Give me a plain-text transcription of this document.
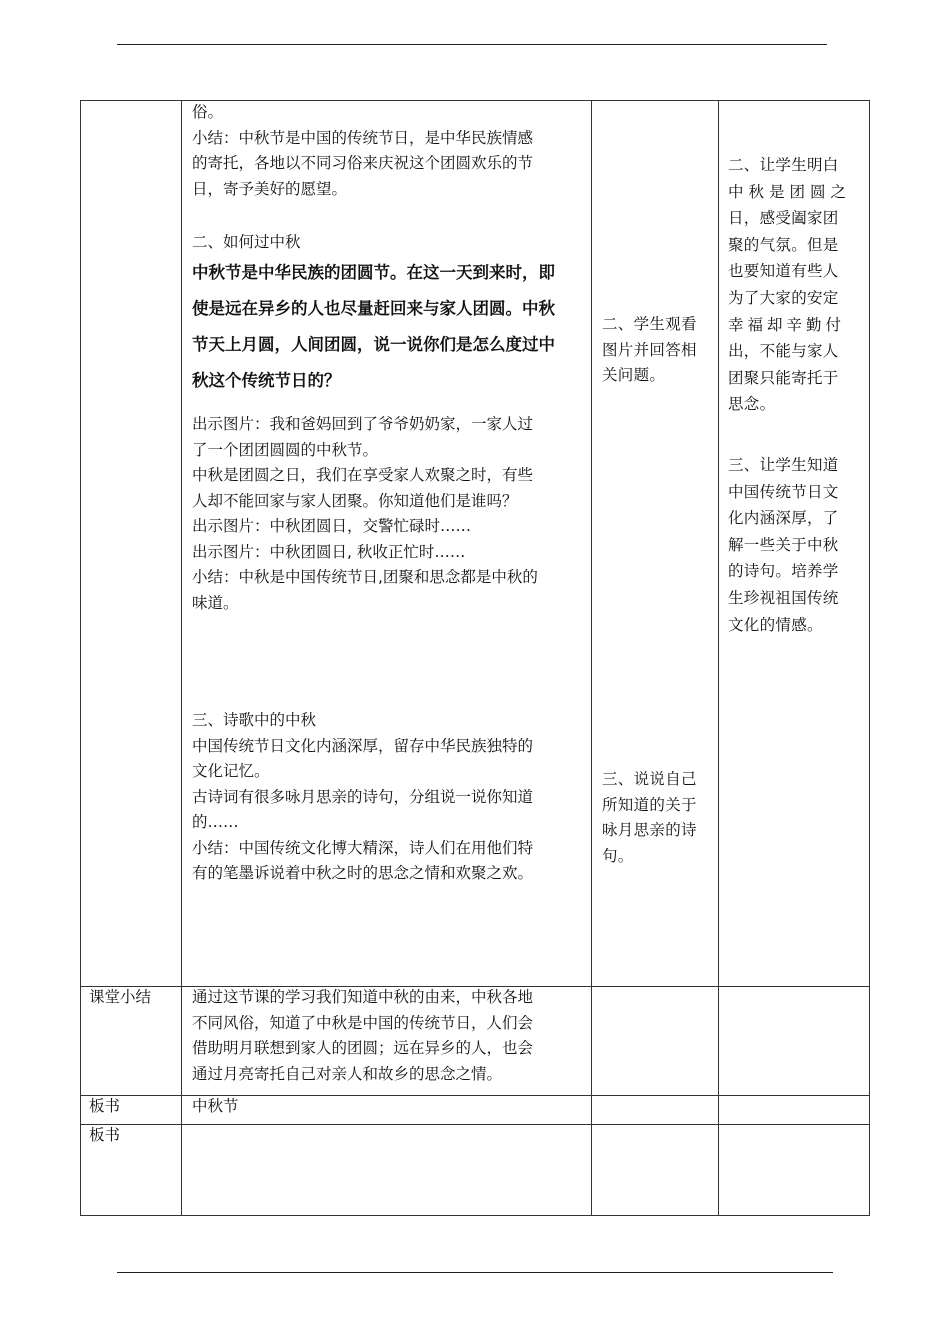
俗。

小结：中秋节是中国的传统节日，是中华民族情感

的寄托，各地以不同习俗来庆祝这个团圆欢乐的节

日，寄予美好的愿望。

二、如何过中秋

中秋节是中华民族的团圆节。在这一天到来时，即

使是远在异乡的人也尽量赶回来与家人团圆。中秋

节天上月圆，人间团圆，说一说你们是怎么度过中

秋这个传统节日的？

出示图片：我和爸妈回到了爷爷奶奶家，一家人过

了一个团团圆圆的中秋节。

中秋是团圆之日，我们在享受家人欢聚之时，有些

人却不能回家与家人团聚。你知道他们是谁吗？

出示图片：中秋团圆日，交警忙碌时……

出示图片：中秋团圆日, 秋收正忙时……

小结：中秋是中国传统节日,团聚和思念都是中秋的

味道。

三、诗歌中的中秋

中国传统节日文化内涵深厚，留存中华民族独特的

文化记忆。

古诗词有很多咏月思亲的诗句，分组说一说你知道

的……

小结：中国传统文化博大精深，诗人们在用他们特

有的笔墨诉说着中秋之时的思念之情和欢聚之欢。

二、学生观看

图片并回答相

关问题。

三、说说自己

所知道的关于

咏月思亲的诗

句。

二、让学生明白

中秋是团圆之

日，感受阖家团

聚的气氛。但是

也要知道有些人

为了大家的安定

幸福却辛勤付

出，不能与家人

团聚只能寄托于

思念。

三、让学生知道

中国传统节日文

化内涵深厚，了

解一些关于中秋

的诗句。培养学

生珍视祖国传统

文化的情感。

课堂小结	通过这节课的学习我们知道中秋的由来，中秋各地

不同风俗，知道了中秋是中国的传统节日，人们会

借助明月联想到家人的团圆；远在异乡的人，也会

通过月亮寄托自己对亲人和故乡的思念之情。

板书	中秋节
板书
